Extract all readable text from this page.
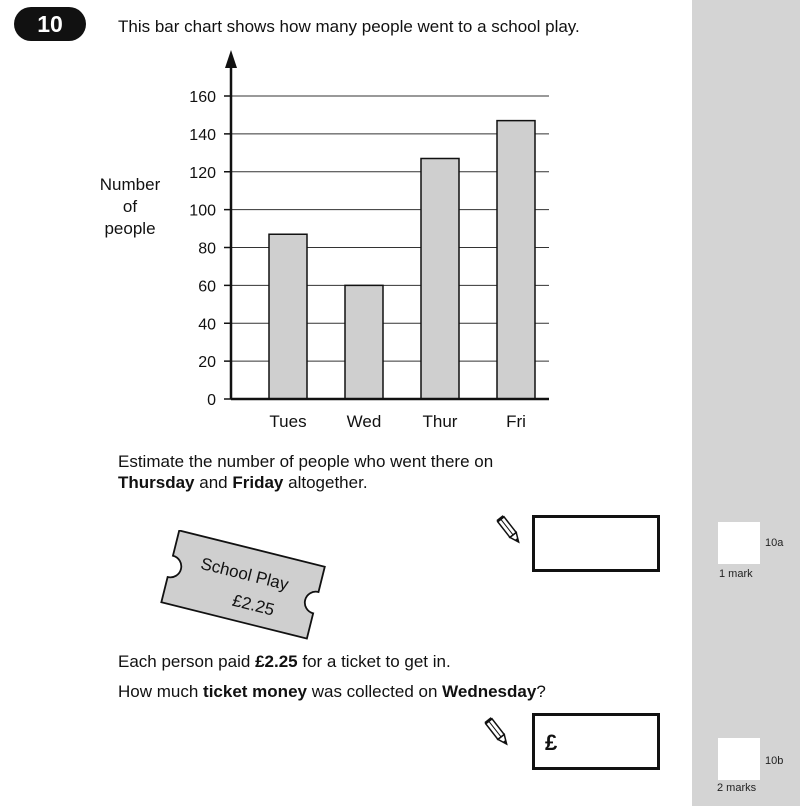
10	This bar chart shows how many people went to a school play.
0
20
40
60
80
100
120
140
160
Tues Wed Thur	Fri
Number
of
people
Estimate the number of people who went there on
Thursday and Friday altogether.
10a
1 mark
School Play
£2.25
Each person paid £2.25 for a ticket to get in.
How much ticket money was collected on Wednesday?
£
10b
2 marks
